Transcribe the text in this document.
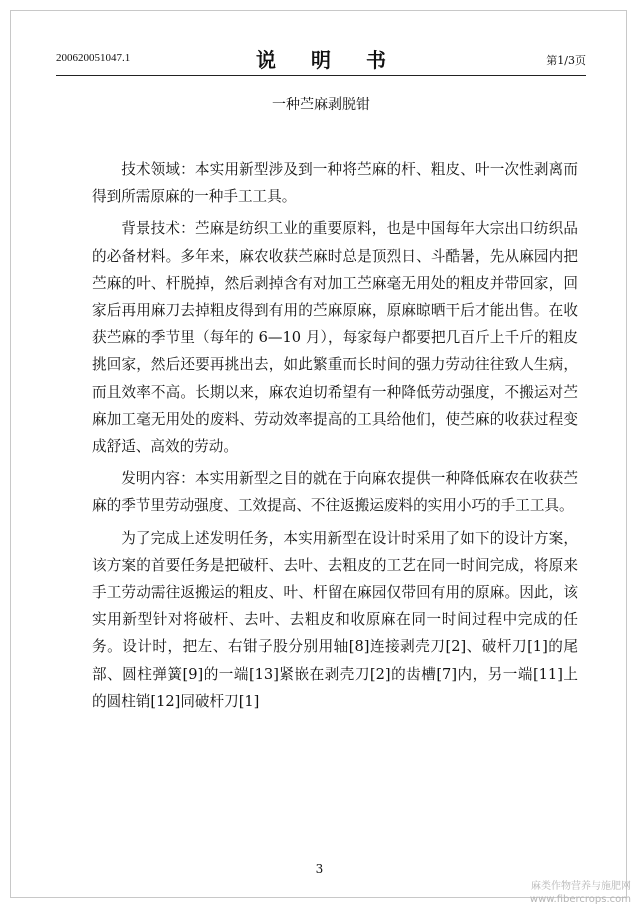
200620051047.1	说 明 书	第1/3页
一种苎麻剥脱钳

技术领域：本实用新型涉及到一种将苎麻的杆、粗皮、叶一次性剥离而得到所需原麻的一种手工工具。

背景技术：苎麻是纺织工业的重要原料，也是中国每年大宗出口纺织品的必备材料。多年来，麻农收获苎麻时总是顶烈日、斗酷暑，先从麻园内把苎麻的叶、杆脱掉，然后剥掉含有对加工苎麻毫无用处的粗皮并带回家，回家后再用麻刀去掉粗皮得到有用的苎麻原麻，原麻晾晒干后才能出售。在收获苎麻的季节里（每年的 6—10 月），每家每户都要把几百斤上千斤的粗皮挑回家，然后还要再挑出去，如此繁重而长时间的强力劳动往往致人生病，而且效率不高。长期以来，麻农迫切希望有一种降低劳动强度，不搬运对苎麻加工毫无用处的废料、劳动效率提高的工具给他们，使苎麻的收获过程变成舒适、高效的劳动。

发明内容：本实用新型之目的就在于向麻农提供一种降低麻农在收获苎麻的季节里劳动强度、工效提高、不往返搬运废料的实用小巧的手工工具。

为了完成上述发明任务，本实用新型在设计时采用了如下的设计方案，该方案的首要任务是把破杆、去叶、去粗皮的工艺在同一时间完成，将原来手工劳动需往返搬运的粗皮、叶、杆留在麻园仅带回有用的原麻。因此，该实用新型针对将破杆、去叶、去粗皮和收原麻在同一时间过程中完成的任务。设计时，把左、右钳子股分别用轴[8]连接剥壳刀[2]、破杆刀[1]的尾部、圆柱弹簧[9]的一端[13]紧嵌在剥壳刀[2]的齿槽[7]内，另一端[11]上的圆柱销[12]同破杆刀[1]

3
麻类作物营养与施肥网
www.fibercrops.com
